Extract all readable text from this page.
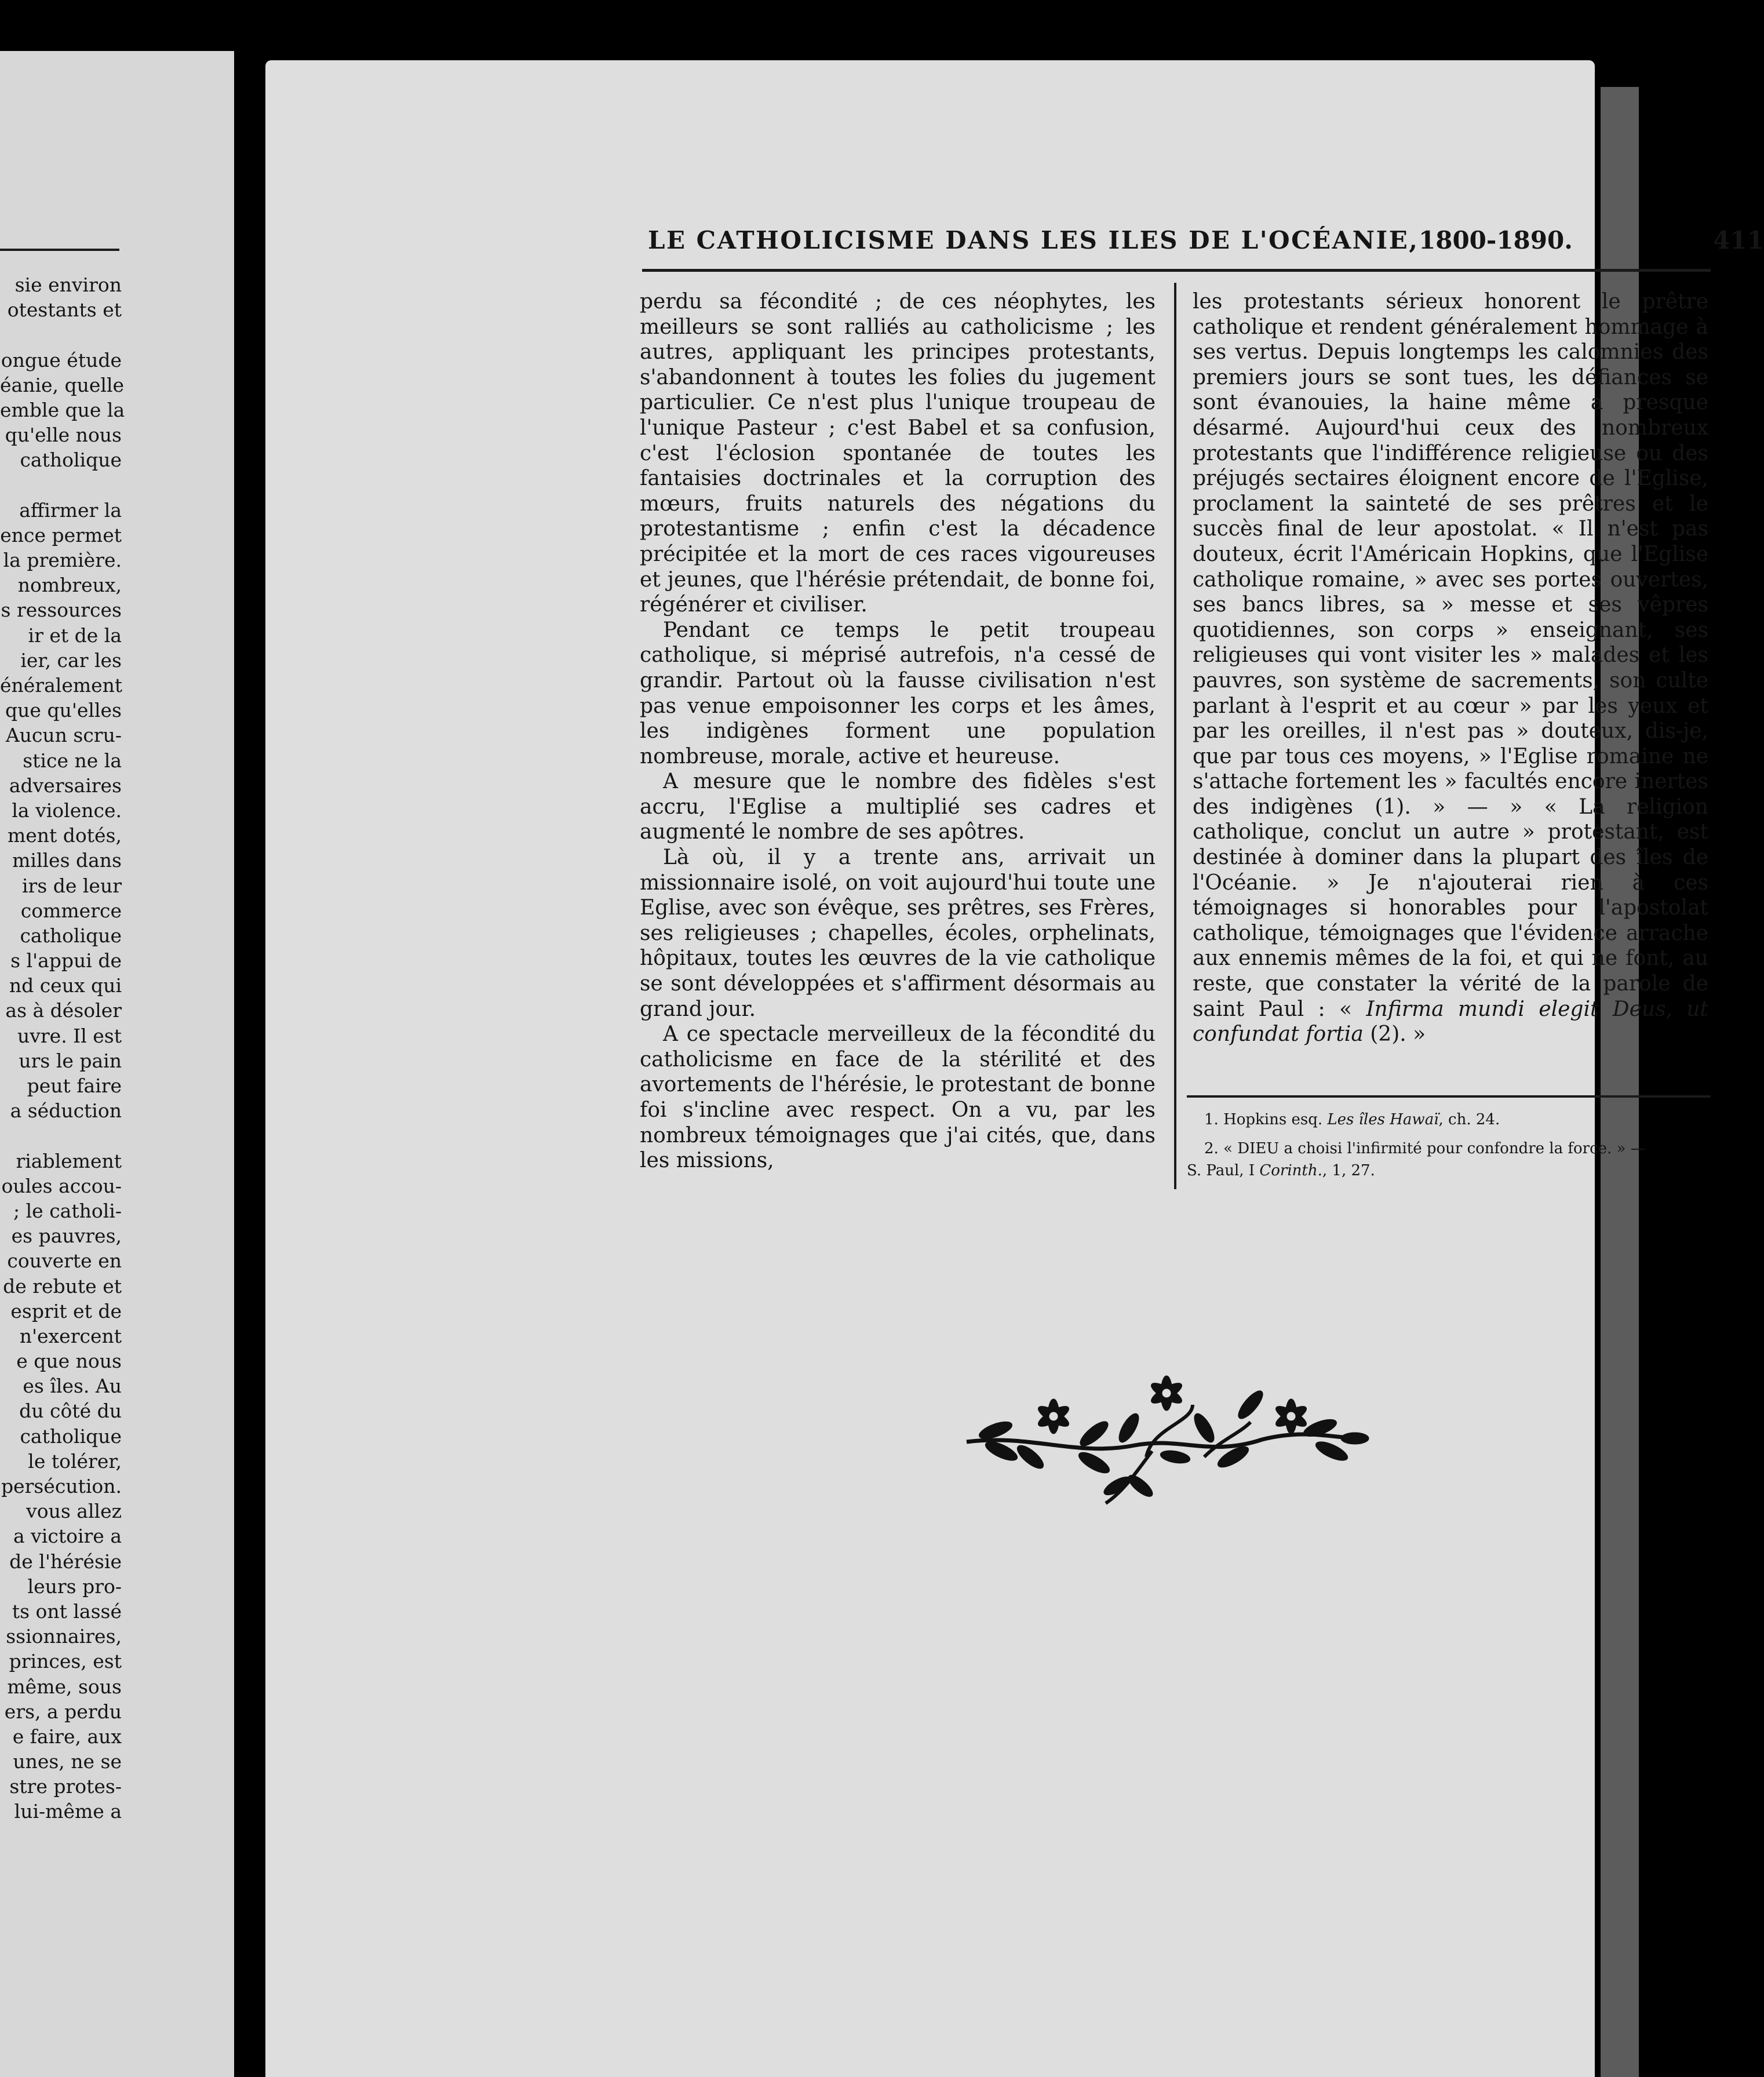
sie environ
otestants et
ongue étude
éanie, quelle
emble que la
qu'elle nous
catholique
affirmer la
ence permet
la première.
nombreux,
s ressources
ir et de la
ier, car les
énéralement
que qu'elles
Aucun scru-
stice ne la
adversaires
la violence.
ment dotés,
milles dans
irs de leur
commerce
catholique
s l'appui de
nd ceux qui
as à désoler
uvre. Il est
urs le pain
peut faire
a séduction
riablement
oules accou-
; le catholi-
es pauvres,
couverte en
de rebute et
esprit et de
n'exercent
e que nous
es îles. Au
du côté du
catholique
le tolérer,
persécution.
vous allez
a victoire a
de l'hérésie
leurs pro-
ts ont lassé
ssionnaires,
princes, est
même, sous
ers, a perdu
e faire, aux
unes, ne se
stre protes-
lui-même a
LE CATHOLICISME DANS LES ILES DE L'OCÉANIE, 1800-1890.	411

perdu sa fécondité ; de ces néophytes, les meilleurs se sont ralliés au catholicisme ; les autres, appliquant les principes protestants, s'abandonnent à toutes les folies du jugement particulier. Ce n'est plus l'unique troupeau de l'unique Pasteur ; c'est Babel et sa confusion, c'est l'éclosion spontanée de toutes les fantaisies doctrinales et la corruption des mœurs, fruits naturels des négations du protestantisme ; enfin c'est la décadence précipitée et la mort de ces races vigoureuses et jeunes, que l'hérésie prétendait, de bonne foi, régénérer et civiliser.

Pendant ce temps le petit troupeau catholique, si méprisé autrefois, n'a cessé de grandir. Partout où la fausse civilisation n'est pas venue empoisonner les corps et les âmes, les indigènes forment une population nombreuse, morale, active et heureuse.

A mesure que le nombre des fidèles s'est accru, l'Eglise a multiplié ses cadres et augmenté le nombre de ses apôtres.

Là où, il y a trente ans, arrivait un missionnaire isolé, on voit aujourd'hui toute une Eglise, avec son évêque, ses prêtres, ses Frères, ses religieuses ; chapelles, écoles, orphelinats, hôpitaux, toutes les œuvres de la vie catholique se sont développées et s'affirment désormais au grand jour.

A ce spectacle merveilleux de la fécondité du catholicisme en face de la stérilité et des avortements de l'hérésie, le protestant de bonne foi s'incline avec respect. On a vu, par les nombreux témoignages que j'ai cités, que, dans les missions,

les protestants sérieux honorent le prêtre catholique et rendent généralement hommage à ses vertus. Depuis longtemps les calomnies des premiers jours se sont tues, les défiances se sont évanouies, la haine même a presque désarmé. Aujourd'hui ceux des nombreux protestants que l'indifférence religieuse ou des préjugés sectaires éloignent encore de l'Eglise, proclament la sainteté de ses prêtres et le succès final de leur apostolat. « Il n'est pas douteux, écrit l'Américain Hopkins, que l'Eglise catholique romaine, » avec ses portes ouvertes, ses bancs libres, sa » messe et ses vêpres quotidiennes, son corps » enseignant, ses religieuses qui vont visiter les » malades et les pauvres, son système de sacrements, son culte parlant à l'esprit et au cœur » par les yeux et par les oreilles, il n'est pas » douteux, dis-je, que par tous ces moyens, » l'Eglise romaine ne s'attache fortement les » facultés encore inertes des indigènes (1). » — » « La religion catholique, conclut un autre » protestant, est destinée à dominer dans la plupart des îles de l'Océanie. » Je n'ajouterai rien à ces témoignages si honorables pour l'apostolat catholique, témoignages que l'évidence arrache aux ennemis mêmes de la foi, et qui ne font, au reste, que constater la vérité de la parole de saint Paul : « Infirma mundi elegit Deus, ut confundat fortia (2). »

1. Hopkins esq. Les îles Hawaï, ch. 24.
2. « DIEU a choisi l'infirmité pour confondre la force. » —
S. Paul, I Corinth., 1, 27.
